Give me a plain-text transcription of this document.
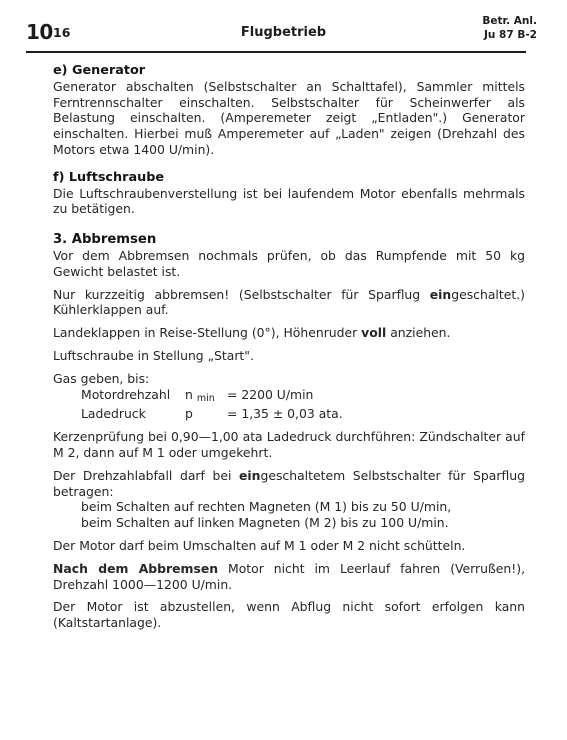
10 16	Flugbetrieb
Betr. Anl.
Ju 87 B-2

e) Generator

Generator abschalten (Selbstschalter an Schalttafel), Sammler mittels Ferntrennschalter einschalten. Selbstschalter für Scheinwerfer als Belastung einschalten. (Amperemeter zeigt „Entladen".) Generator einschalten. Hierbei muß Amperemeter auf „Laden" zeigen (Drehzahl des Motors etwa 1400 U/min).

f) Luftschraube

Die Luftschraubenverstellung ist bei laufendem Motor ebenfalls mehrmals zu betätigen.

3. Abbremsen

Vor dem Abbremsen nochmals prüfen, ob das Rumpfende mit 50 kg Gewicht belastet ist.

Nur kurzzeitig abbremsen! (Selbstschalter für Sparflug eingeschaltet.) Kühlerklappen auf.

Landeklappen in Reise-Stellung (0°), Höhenruder voll anziehen.

Luftschraube in Stellung „Start".

Gas geben, bis:

Motordrehzahl	n min = 2200 U/min
Ladedruck	p	= 1,35 ± 0,03 ata.

Kerzenprüfung bei 0,90—1,00 ata Ladedruck durchführen: Zündschalter auf M 2, dann auf M 1 oder umgekehrt.

Der Drehzahlabfall darf bei eingeschaltetem Selbstschalter für Sparflug betragen:

beim Schalten auf rechten Magneten (M 1) bis zu 50 U/min,

beim Schalten auf linken Magneten (M 2) bis zu 100 U/min.

Der Motor darf beim Umschalten auf M 1 oder M 2 nicht schütteln.

Nach dem Abbremsen Motor nicht im Leerlauf fahren (Verrußen!), Drehzahl 1000—1200 U/min.

Der Motor ist abzustellen, wenn Abflug nicht sofort erfolgen kann (Kaltstartanlage).
